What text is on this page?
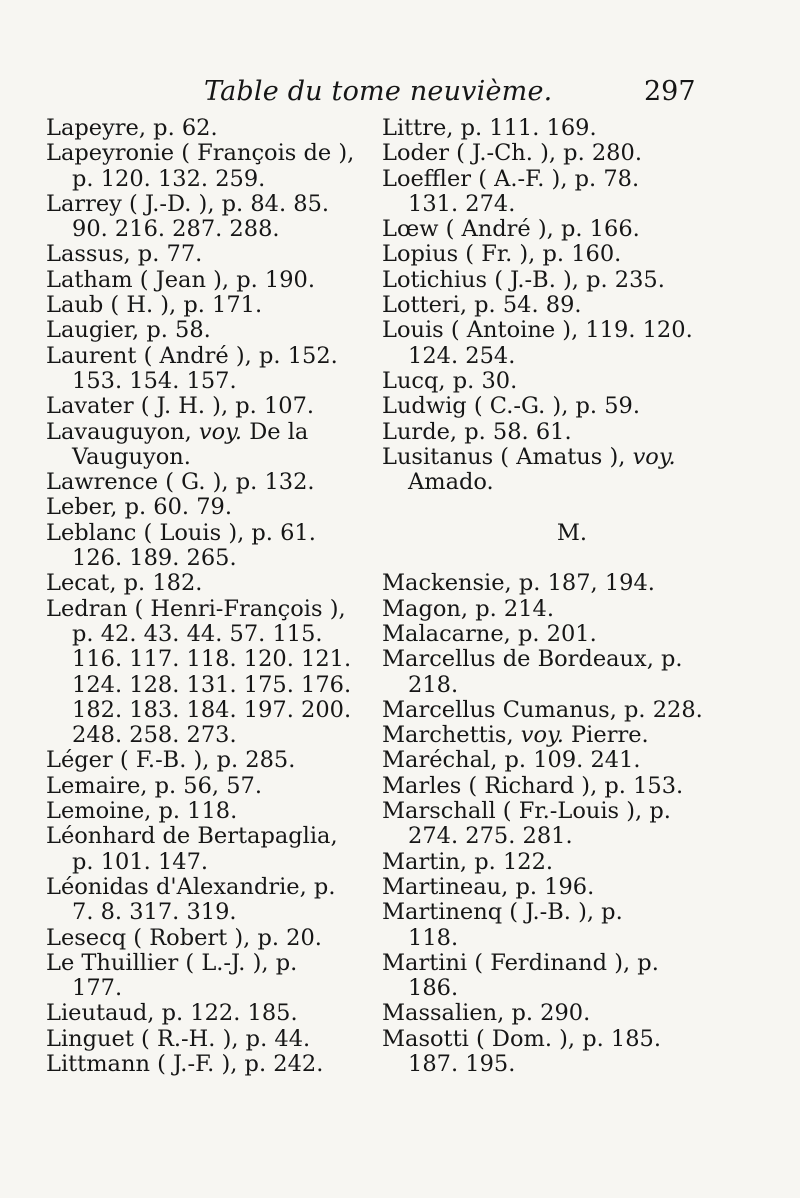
Table du tome neuvième.	297
Lapeyre, p. 62.
Lapeyronie ( François de ),
p. 120. 132. 259.
Larrey ( J.-D. ), p. 84. 85.
90. 216. 287. 288.
Lassus, p. 77.
Latham ( Jean ), p. 190.
Laub ( H. ), p. 171.
Laugier, p. 58.
Laurent ( André ), p. 152.
153. 154. 157.
Lavater ( J. H. ), p. 107.
Lavauguyon, voy. De la
Vauguyon.
Lawrence ( G. ), p. 132.
Leber, p. 60. 79.
Leblanc ( Louis ), p. 61.
126. 189. 265.
Lecat, p. 182.
Ledran ( Henri-François ),
p. 42. 43. 44. 57. 115.
116. 117. 118. 120. 121.
124. 128. 131. 175. 176.
182. 183. 184. 197. 200.
248. 258. 273.
Léger ( F.-B. ), p. 285.
Lemaire, p. 56, 57.
Lemoine, p. 118.
Léonhard de Bertapaglia,
p. 101. 147.
Léonidas d'Alexandrie, p.
7. 8. 317. 319.
Lesecq ( Robert ), p. 20.
Le Thuillier ( L.-J. ), p.
177.
Lieutaud, p. 122. 185.
Linguet ( R.-H. ), p. 44.
Littmann ( J.-F. ), p. 242.
Littre, p. 111. 169.
Loder ( J.-Ch. ), p. 280.
Loeffler ( A.-F. ), p. 78.
131. 274.
Lœw ( André ), p. 166.
Lopius ( Fr. ), p. 160.
Lotichius ( J.-B. ), p. 235.
Lotteri, p. 54. 89.
Louis ( Antoine ), 119. 120.
124. 254.
Lucq, p. 30.
Ludwig ( C.-G. ), p. 59.
Lurde, p. 58. 61.
Lusitanus ( Amatus ), voy.
Amado.
M.
Mackensie, p. 187, 194.
Magon, p. 214.
Malacarne, p. 201.
Marcellus de Bordeaux, p.
218.
Marcellus Cumanus, p. 228.
Marchettis, voy. Pierre.
Maréchal, p. 109. 241.
Marles ( Richard ), p. 153.
Marschall ( Fr.-Louis ), p.
274. 275. 281.
Martin, p. 122.
Martineau, p. 196.
Martinenq ( J.-B. ), p.
118.
Martini ( Ferdinand ), p.
186.
Massalien, p. 290.
Masotti ( Dom. ), p. 185.
187. 195.
